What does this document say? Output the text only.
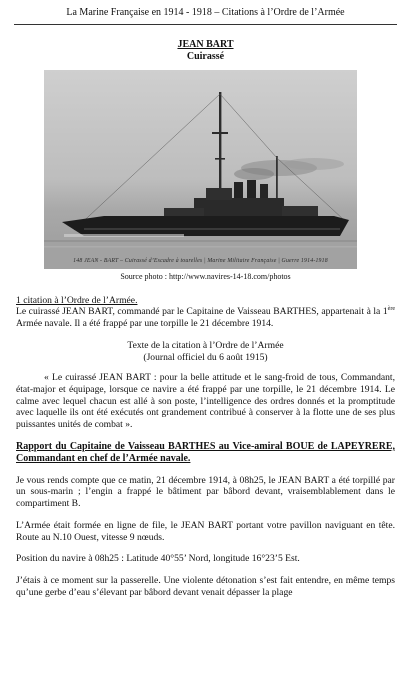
La Marine Française en 1914 - 1918 – Citations à l’Ordre de l’Armée
JEAN BART
Cuirassé
148 JEAN - BART – Cuirassé d’Escadre à tourelles | Marine Militaire Française | Guerre 1914-1918
Source photo : http://www.navires-14-18.com/photos

1 citation à l’Ordre de l’Armée.

Le cuirassé JEAN BART, commandé par le Capitaine de Vaisseau BARTHES, appartenait à la 1ère Armée navale. Il a été frappé par une torpille le 21 décembre 1914.

Texte de la citation à l’Ordre de l’Armée

(Journal officiel du 6 août 1915)

« Le cuirassé JEAN BART : pour la belle attitude et le sang-froid de tous, Commandant, état-major et équipage, lorsque ce navire a été frappé par une torpille, le 21 décembre 1914. Le calme avec lequel chacun est allé à son poste, l’intelligence des ordres donnés et la promptitude avec laquelle ils ont été exécutés ont grandement contribué à conserver à la flotte une de ses plus puissantes unités de combat ».

Rapport du Capitaine de Vaisseau BARTHES au Vice-amiral BOUE de LAPEYRERE, Commandant en chef de l’Armée navale.

Je vous rends compte que ce matin, 21 décembre 1914, à 08h25, le JEAN BART a été torpillé par un sous-marin ; l’engin a frappé le bâtiment par bâbord devant, vraisemblablement dans le compartiment B.

L’Armée était formée en ligne de file, le JEAN BART portant votre pavillon naviguant en tête. Route au N.10 Ouest, vitesse 9 nœuds.

Position du navire à 08h25 : Latitude 40°55’ Nord, longitude 16°23’5 Est.

J’étais à ce moment sur la passerelle. Une violente détonation s’est fait entendre, en même temps qu’une gerbe d’eau s’élevant par bâbord devant venait dépasser la plage
